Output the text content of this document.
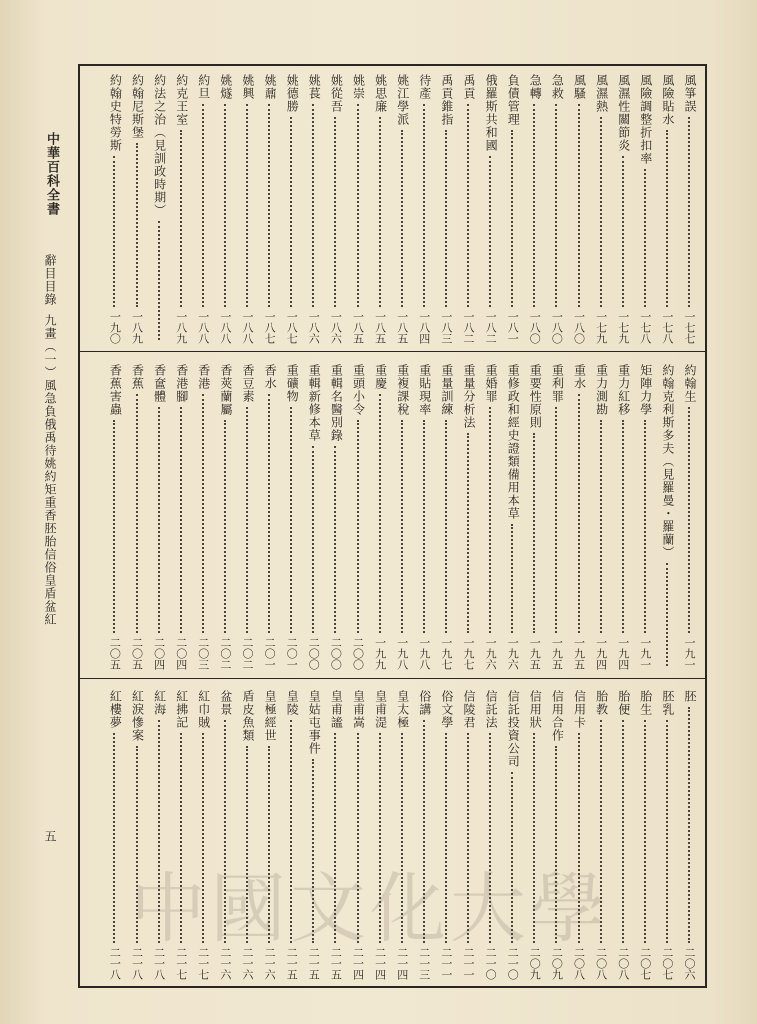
中華百科全書
辭目目錄
九畫（一）風急負俄禹待姚約矩重香胚胎信俗皇盾盆紅
五
風箏誤
一七七
風險貼水
一七八
風險調整折扣率
一七八
風濕性關節炎
一七九
風濕熱
一七九
風騷
一八〇
急救
一八〇
急轉
一八〇
負債管理
一八一
俄羅斯共和國
一八二
禹貢
一八二
禹貢錐指
一八三
待產
一八四
姚江學派
一八五
姚思廉
一八五
姚崇
一八五
姚從吾
一八六
姚萇
一八六
姚德勝
一八七
姚鼐
一八七
姚興
一八八
姚燧
一八八
約旦
一八八
約克王室
一八九
約法之治（見訓政時期）
約翰尼斯堡
一八九
約翰史特勞斯
一九〇
約翰生
一九一
約翰克利斯多夫（見羅曼・羅蘭）
矩陣力學
一九一
重力紅移
一九四
重力測勘
一九四
重水
一九五
重利罪
一九五
重要性原則
一九五
重修政和經史證類備用本草
一九六
重婚罪
一九六
重量分析法
一九七
重量訓練
一九七
重貼現率
一九八
重複課稅
一九八
重慶
一九九
重頭小令
二〇〇
重輯名醫別錄
二〇〇
重輯新修本草
二〇〇
重礦物
二〇一
香水
二〇一
香豆素
二〇二
香莢蘭屬
二〇二
香港
二〇三
香港腳
二〇四
香奩體
二〇四
香蕉
二〇五
香蕉害蟲
二〇五
胚
二〇六
胚乳
二〇七
胎生
二〇七
胎便
二〇八
胎教
二〇八
信用卡
二〇八
信用合作
二〇九
信用狀
二〇九
信託投資公司
二一〇
信託法
二一〇
信陵君
二一一
俗文學
二一一
俗講
二一三
皇太極
二一四
皇甫湜
二一四
皇甫嵩
二一四
皇甫謐
二一五
皇姑屯事件
二一五
皇陵
二一五
皇極經世
二一六
盾皮魚類
二一六
盆景
二一六
紅巾賊
二一七
紅拂記
二一七
紅海
二一八
紅淚慘案
二一八
紅樓夢
二一八
中國文化大學
